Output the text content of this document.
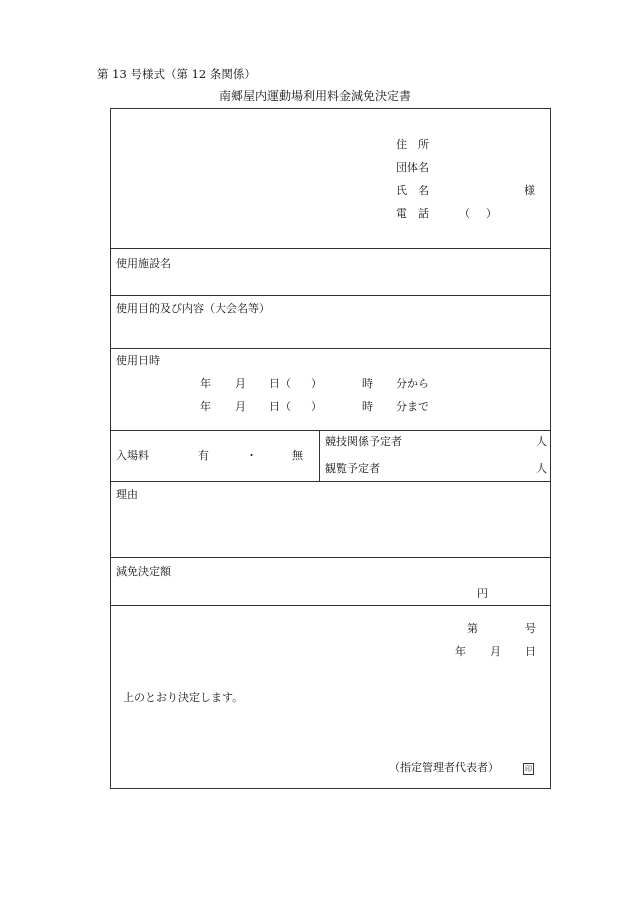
第 13 号様式（第 12 条関係）
南郷屋内運動場利用料金減免決定書
住　所
団体名
氏　名	様
電　話	（ ）
使用施設名
使用目的及び内容（大会名等）
使用日時
年 月 日 （ ）	時 分から
年 月 日 （ ）	時 分まで
入場料	有	・	無
競技関係予定者	人
観覧予定者	人
理由
減免決定額
円
第	号
年 月 日
上のとおり決定します。
（指定管理者代表者）	印
